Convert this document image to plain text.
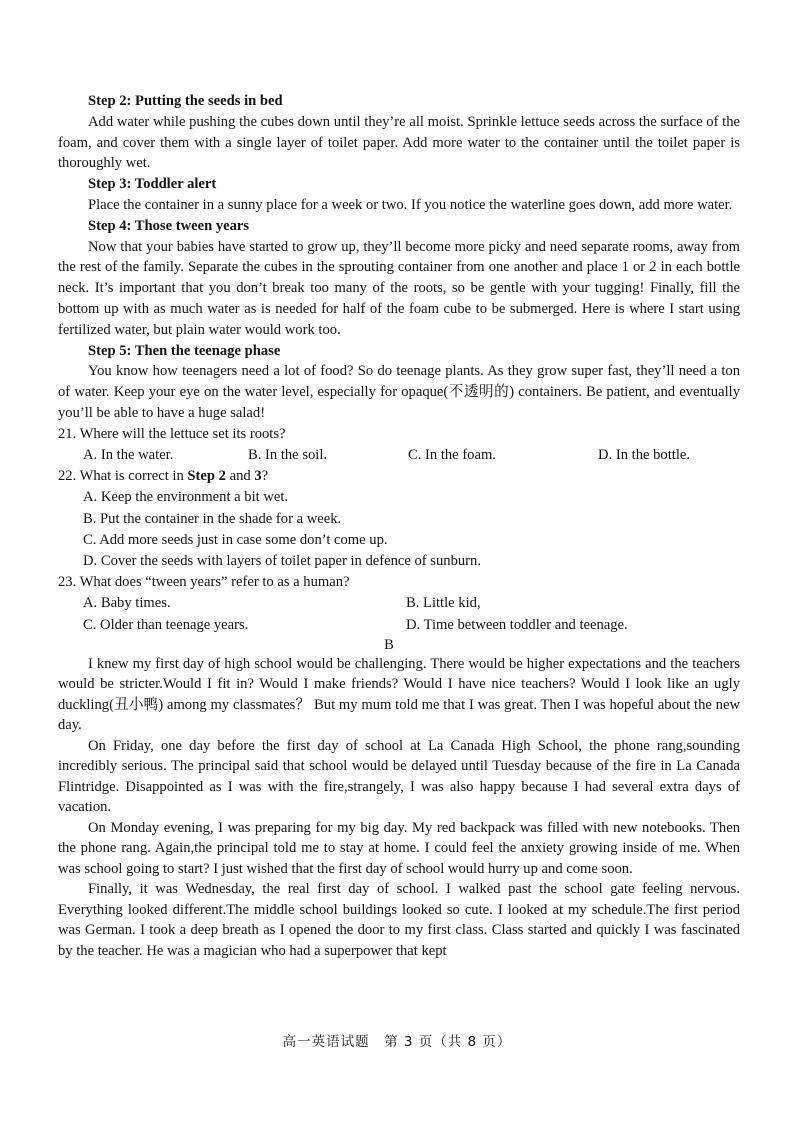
Step 2: Putting the seeds in bed

Add water while pushing the cubes down until they’re all moist. Sprinkle lettuce seeds across the surface of the foam, and cover them with a single layer of toilet paper. Add more water to the container until the toilet paper is thoroughly wet.

Step 3: Toddler alert

Place the container in a sunny place for a week or two. If you notice the waterline goes down, add more water.

Step 4: Those tween years

Now that your babies have started to grow up, they’ll become more picky and need separate rooms, away from the rest of the family. Separate the cubes in the sprouting container from one another and place 1 or 2 in each bottle neck. It’s important that you don’t break too many of the roots, so be gentle with your tugging! Finally, fill the bottom up with as much water as is needed for half of the foam cube to be submerged. Here is where I start using fertilized water, but plain water would work too.

Step 5: Then the teenage phase

You know how teenagers need a lot of food? So do teenage plants. As they grow super fast, they’ll need a ton of water. Keep your eye on the water level, especially for opaque(不透明的) containers. Be patient, and eventually you’ll be able to have a huge salad!

21. Where will the lettuce set its roots?
A. In the water.	B. In the soil.	C. In the foam.	D. In the bottle.
22. What is correct in Step 2 and 3?
A. Keep the environment a bit wet.
B. Put the container in the shade for a week.
C. Add more seeds just in case some don’t come up.
D. Cover the seeds with layers of toilet paper in defence of sunburn.
23. What does “tween years” refer to as a human?
A. Baby times.	B. Little kid,
C. Older than teenage years.	D. Time between toddler and teenage.
B

I knew my first day of high school would be challenging. There would be higher expectations and the teachers would be stricter.Would I fit in? Would I make friends? Would I have nice teachers? Would I look like an ugly duckling(丑小鸭) among my classmates？ But my mum told me that I was great. Then I was hopeful about the new day.

On Friday, one day before the first day of school at La Canada High School, the phone rang,sounding incredibly serious. The principal said that school would be delayed until Tuesday because of the fire in La Canada Flintridge. Disappointed as I was with the fire,strangely, I was also happy because I had several extra days of vacation.

On Monday evening, I was preparing for my big day. My red backpack was filled with new notebooks. Then the phone rang. Again,the principal told me to stay at home. I could feel the anxiety growing inside of me. When was school going to start? I just wished that the first day of school would hurry up and come soon.

Finally, it was Wednesday, the real first day of school. I walked past the school gate feeling nervous. Everything looked different.The middle school buildings looked so cute. I looked at my schedule.The first period was German. I took a deep breath as I opened the door to my first class. Class started and quickly I was fascinated by the teacher. He was a magician who had a superpower that kept

高一英语试题　第 3 页（共 8 页）
